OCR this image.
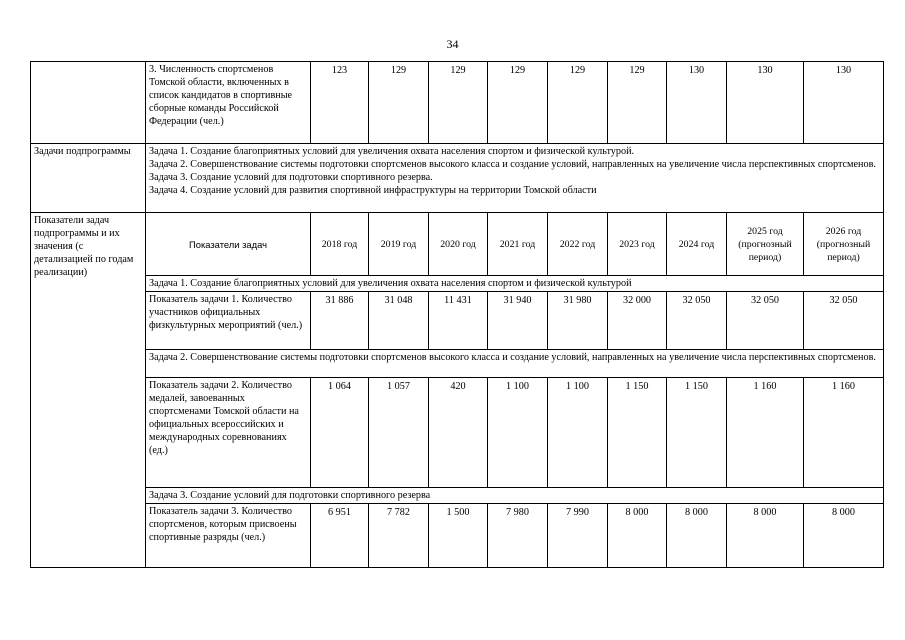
34
	3. Численность спортсменов Томской области, включенных в список кандидатов в спортивные сборные команды Российской Федерации (чел.)	123	129	129	129	129	129	130	130	130
Задачи подпрограммы	Задача 1. Создание благоприятных условий для увеличения охвата населения спортом и физической культурой.
Задача 2. Совершенствование системы подготовки спортсменов высокого класса и создание условий, направленных на увеличение числа перспективных спортсменов.
Задача 3. Создание условий для подготовки спортивного резерва.
Задача 4. Создание условий для развития спортивной инфраструктуры на территории Томской области									

Показатели задач подпрограммы и их значения (с детализацией по годам реализации)	Показатели задач	2018 год	2019 год	2020 год	2021 год	2022 год	2023 год	2024 год	2025 год (прогнозный период)	2026 год (прогнозный период)
	Задача 1. Создание благоприятных условий для увеличения охвата населения спортом и физической культурой									
	Показатель задачи 1. Количество участников официальных физкультурных мероприятий (чел.)	31 886	31 048	11 431	31 940	31 980	32 000	32 050	32 050	32 050
	Задача 2. Совершенствование системы подготовки спортсменов высокого класса и создание условий, направленных на увеличение числа перспективных спортсменов.									
	Показатель задачи 2. Количество медалей, завоеванных спортсменами Томской области на официальных всероссийских и международных соревнованиях (ед.)	1 064	1 057	420	1 100	1 100	1 150	1 150	1 160	1 160
	Задача 3. Создание условий для подготовки спортивного резерва									
	Показатель задачи 3. Количество спортсменов, которым присвоены спортивные разряды (чел.)	6 951	7 782	1 500	7 980	7 990	8 000	8 000	8 000	8 000
